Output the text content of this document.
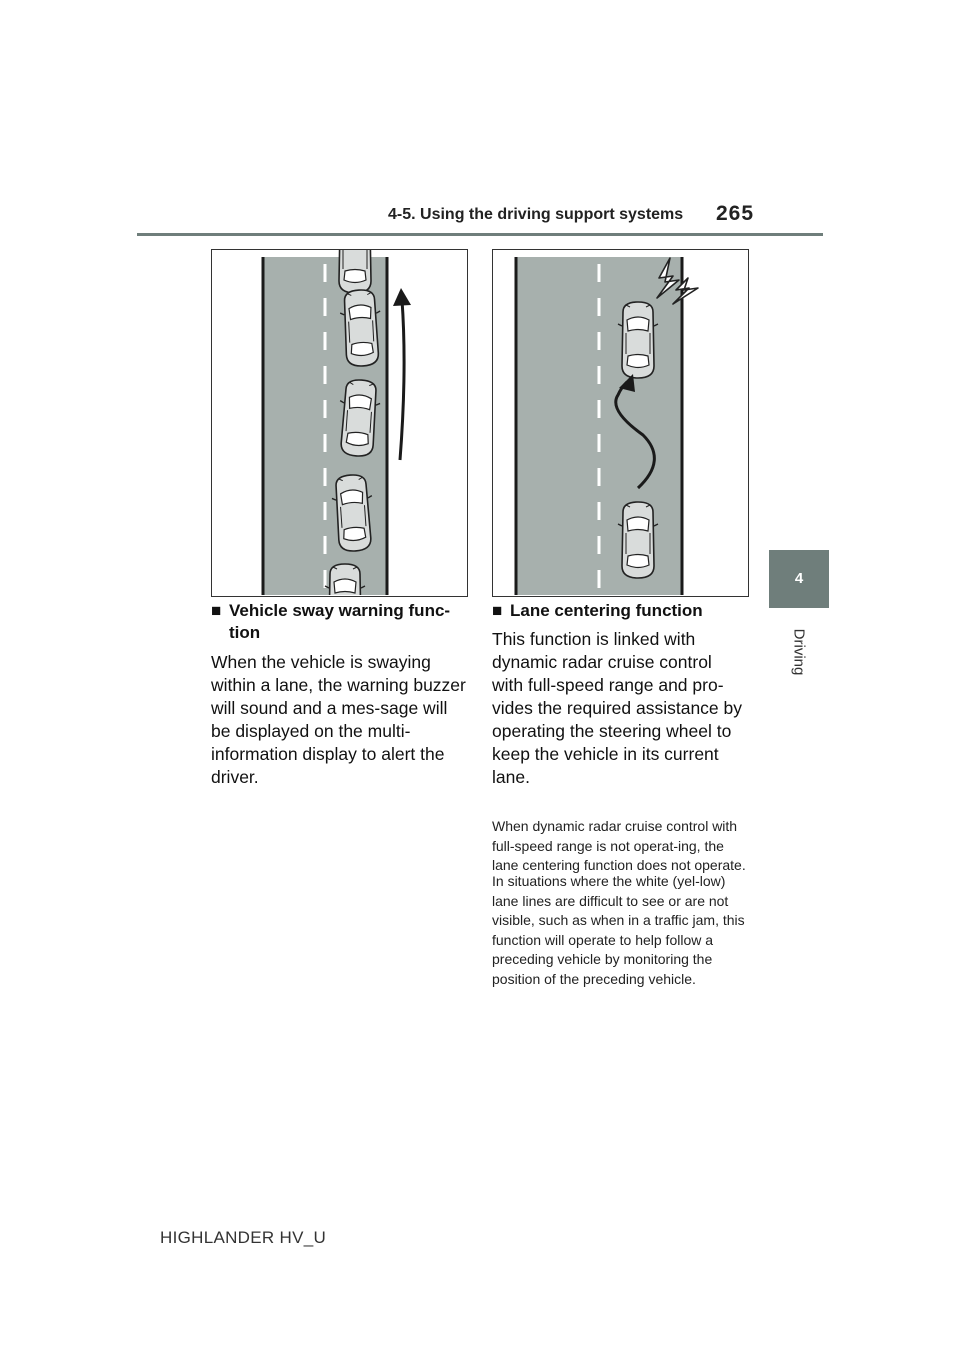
4-5. Using the driving support systems 265
4
Driving
■ Vehicle sway warning func-tion
When the vehicle is swaying within a lane, the warning buzzer will sound and a mes-sage will be displayed on the multi-information display to alert the driver.
■ Lane centering function
This function is linked with dynamic radar cruise control with full-speed range and pro-vides the required assistance by operating the steering wheel to keep the vehicle in its current lane.
When dynamic radar cruise control with full-speed range is not operat-ing, the lane centering function does not operate.
In situations where the white (yel-low) lane lines are difficult to see or are not visible, such as when in a traffic jam, this function will operate to help follow a preceding vehicle by monitoring the position of the preceding vehicle.
HIGHLANDER HV_U
